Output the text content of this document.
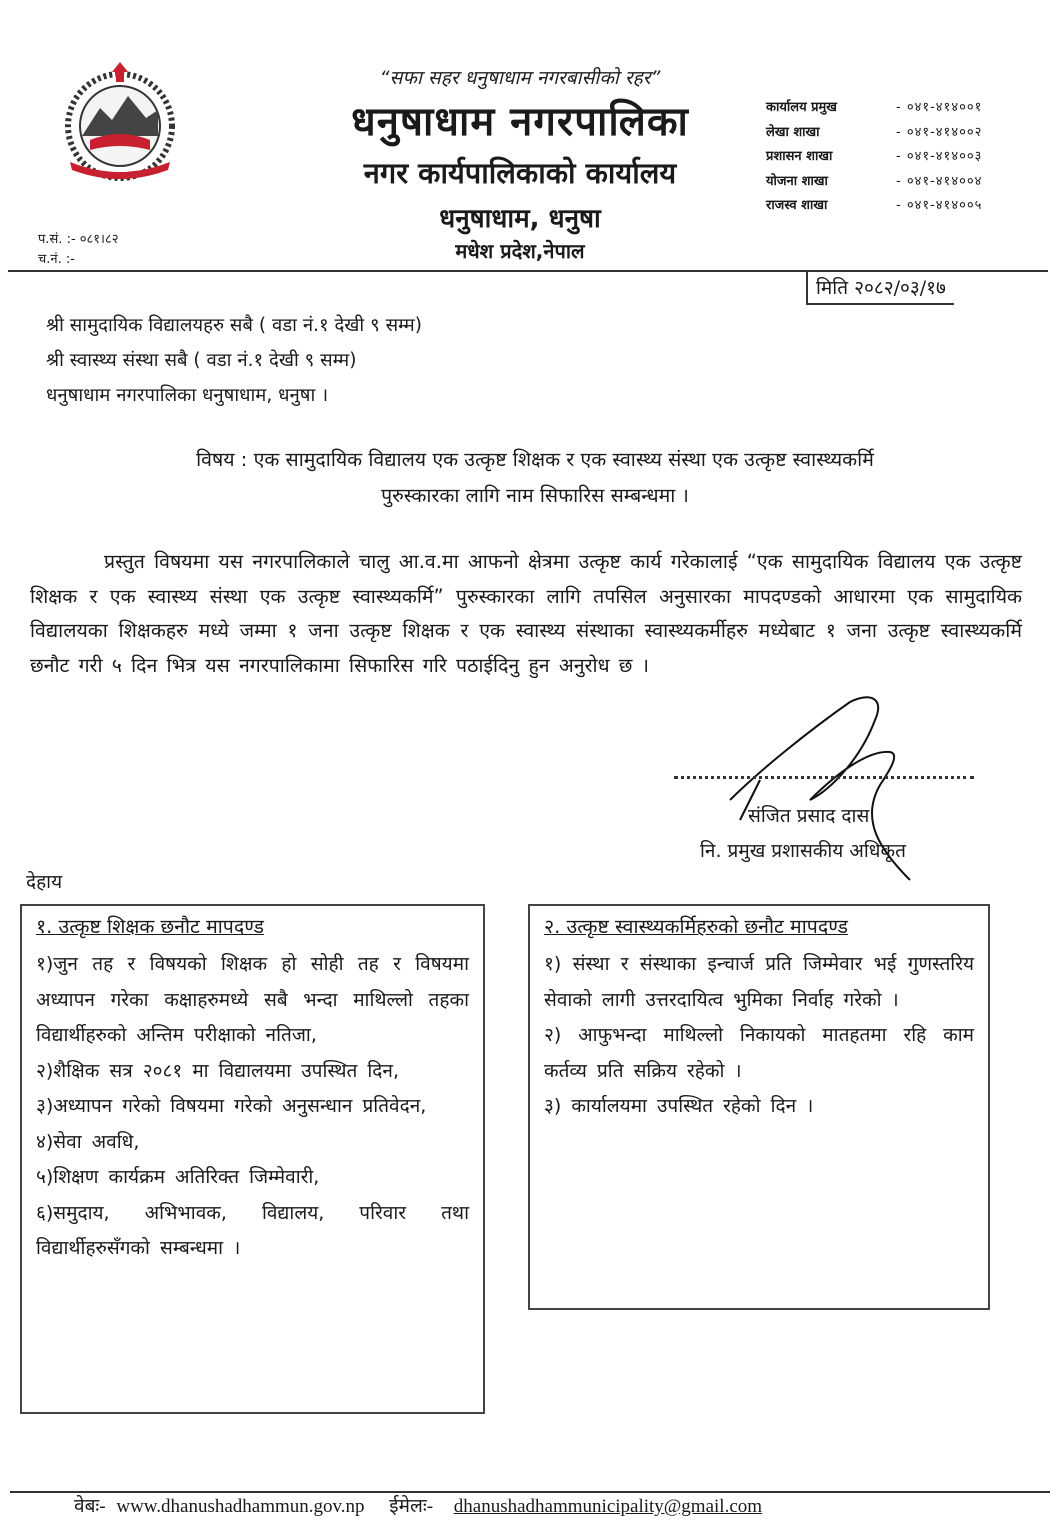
“सफा सहर धनुषाधाम नगरबासीको रहर”
धनुषाधाम नगरपालिका
नगर कार्यपालिकाको कार्यालय
धनुषाधाम, धनुषा
मधेश प्रदेश,नेपाल
कार्यालय प्रमुख	- ०४१-४१४००१
लेखा शाखा	- ०४१-४१४००२
प्रशासन शाखा	- ०४१-४१४००३
योजना शाखा	- ०४१-४१४००४
राजस्व शाखा	- ०४१-४१४००५
प.सं. :- ०८१।८२
च.नं. :-
मिति २०८२/०३/१७
श्री सामुदायिक विद्यालयहरु सबै ( वडा नं.१ देखी ९ सम्म)
श्री स्वास्थ्य संस्था सबै ( वडा नं.१ देखी ९ सम्म)
धनुषाधाम नगरपालिका धनुषाधाम, धनुषा ।
विषय : एक सामुदायिक विद्यालय एक उत्कृष्ट शिक्षक र एक स्वास्थ्य संस्था एक उत्कृष्ट स्वास्थ्यकर्मि
पुरुस्कारका लागि नाम सिफारिस सम्बन्धमा ।
प्रस्तुत विषयमा यस नगरपालिकाले चालु आ.व.मा आफनो क्षेत्रमा उत्कृष्ट कार्य गरेकालाई “एक सामुदायिक विद्यालय एक उत्कृष्ट शिक्षक र एक स्वास्थ्य संस्था एक उत्कृष्ट स्वास्थ्यकर्मि” पुरुस्कारका लागि तपसिल अनुसारका मापदण्डको आधारमा एक सामुदायिक विद्यालयका शिक्षकहरु मध्ये जम्मा १ जना उत्कृष्ट शिक्षक र एक स्वास्थ्य संस्थाका स्वास्थ्यकर्मीहरु मध्येबाट १ जना उत्कृष्ट स्वास्थ्यकर्मि छनौट गरी ५ दिन भित्र यस नगरपालिकामा सिफारिस गरि पठाईदिनु हुन अनुरोध छ ।
संजित प्रसाद दास
नि. प्रमुख प्रशासकीय अधिकृत
देहाय
१. उत्कृष्ट शिक्षक छनौट मापदण्ड
१)जुन तह र विषयको शिक्षक हो सोही तह र विषयमा अध्यापन गरेका कक्षाहरुमध्ये सबै भन्दा माथिल्लो तहका विद्यार्थीहरुको अन्तिम परीक्षाको नतिजा,
२)शैक्षिक सत्र २०८१ मा विद्यालयमा उपस्थित दिन,
३)अध्यापन गरेको विषयमा गरेको अनुसन्धान प्रतिवेदन,
४)सेवा अवधि,
५)शिक्षण कार्यक्रम अतिरिक्त जिम्मेवारी,
६)समुदाय, अभिभावक, विद्यालय, परिवार तथा विद्यार्थीहरुसँगको सम्बन्धमा ।
२. उत्कृष्ट स्वास्थ्यकर्मिहरुको छनौट मापदण्ड
१) संस्था र संस्थाका इन्चार्ज प्रति जिम्मेवार भई गुणस्तरिय सेवाको लागी उत्तरदायित्व भुमिका निर्वाह गरेको ।
२) आफुभन्दा माथिल्लो निकायको मातहतमा रहि काम कर्तव्य प्रति सक्रिय रहेको ।
३) कार्यालयमा उपस्थित रहेको दिन ।
वेबः- www.dhanushadhammun.gov.np ईमेलः- dhanushadhammunicipality@gmail.com
